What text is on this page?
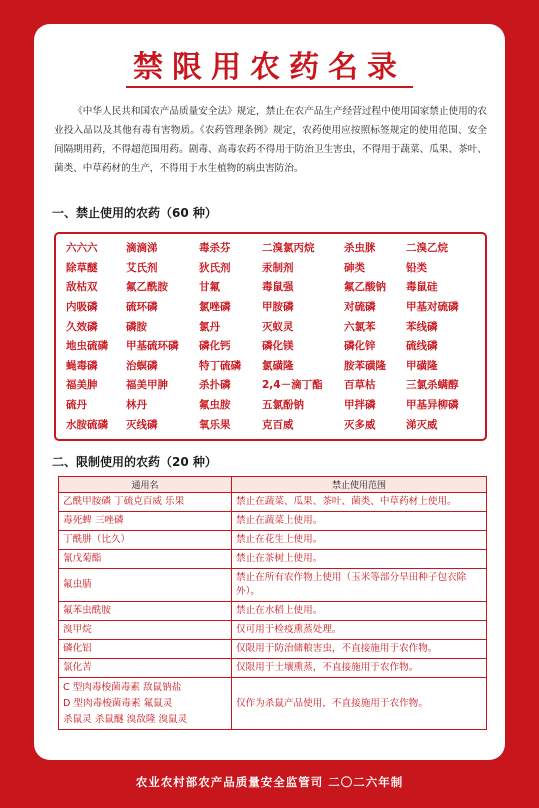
禁限用农药名录

《中华人民共和国农产品质量安全法》规定，禁止在农产品生产经营过程中使用国家禁止使用的农业投入品以及其他有毒有害物质。《农药管理条例》规定，农药使用应按照标签规定的使用范围、安全间隔期用药，不得超范围用药。剧毒、高毒农药不得用于防治卫生害虫，不得用于蔬菜、瓜果、茶叶、菌类、中草药材的生产，不得用于水生植物的病虫害防治。

一、禁止使用的农药（60 种）
六六六	滴滴涕	毒杀芬	二溴氯丙烷	杀虫脒	二溴乙烷
除草醚	艾氏剂	狄氏剂	汞制剂	砷类	铅类
敌枯双	氟乙酰胺	甘氟	毒鼠强	氟乙酸钠	毒鼠硅
内吸磷	硫环磷	氯唑磷	甲胺磷	对硫磷	甲基对硫磷
久效磷	磷胺	氯丹	灭蚁灵	六氯苯	苯线磷
地虫硫磷	甲基硫环磷	磷化钙	磷化镁	磷化锌	硫线磷
蝇毒磷	治螟磷	特丁硫磷	氯磺隆	胺苯磺隆	甲磺隆
福美胂	福美甲胂	杀扑磷	2,4－滴丁酯	百草枯	三氯杀螨醇
硫丹	林丹	氟虫胺	五氯酚钠	甲拌磷	甲基异柳磷
水胺硫磷	灭线磷	氧乐果	克百威	灭多威	涕灭威
二、限制使用的农药（20 种）
通用名	禁止使用范围
乙酰甲胺磷 丁硫克百威 乐果	禁止在蔬菜、瓜果、茶叶、菌类、中草药材上使用。
毒死蜱 三唑磷	禁止在蔬菜上使用。
丁酰肼（比久）	禁止在花生上使用。
氰戊菊酯	禁止在茶树上使用。
氟虫腈	禁止在所有农作物上使用（玉米等部分旱田种子包衣除外）。
氟苯虫酰胺	禁止在水稻上使用。
溴甲烷	仅可用于检疫熏蒸处理。
磷化铝	仅限用于防治储粮害虫，不直接施用于农作物。
氯化苦	仅限用于土壤熏蒸，不直接施用于农作物。
C 型肉毒梭菌毒素 敌鼠钠盐
D 型肉毒梭菌毒素 氟鼠灵
杀鼠灵 杀鼠醚 溴敌隆 溴鼠灵	仅作为杀鼠产品使用，不直接施用于农作物。
农业农村部农产品质量安全监管司 二〇二六年制
